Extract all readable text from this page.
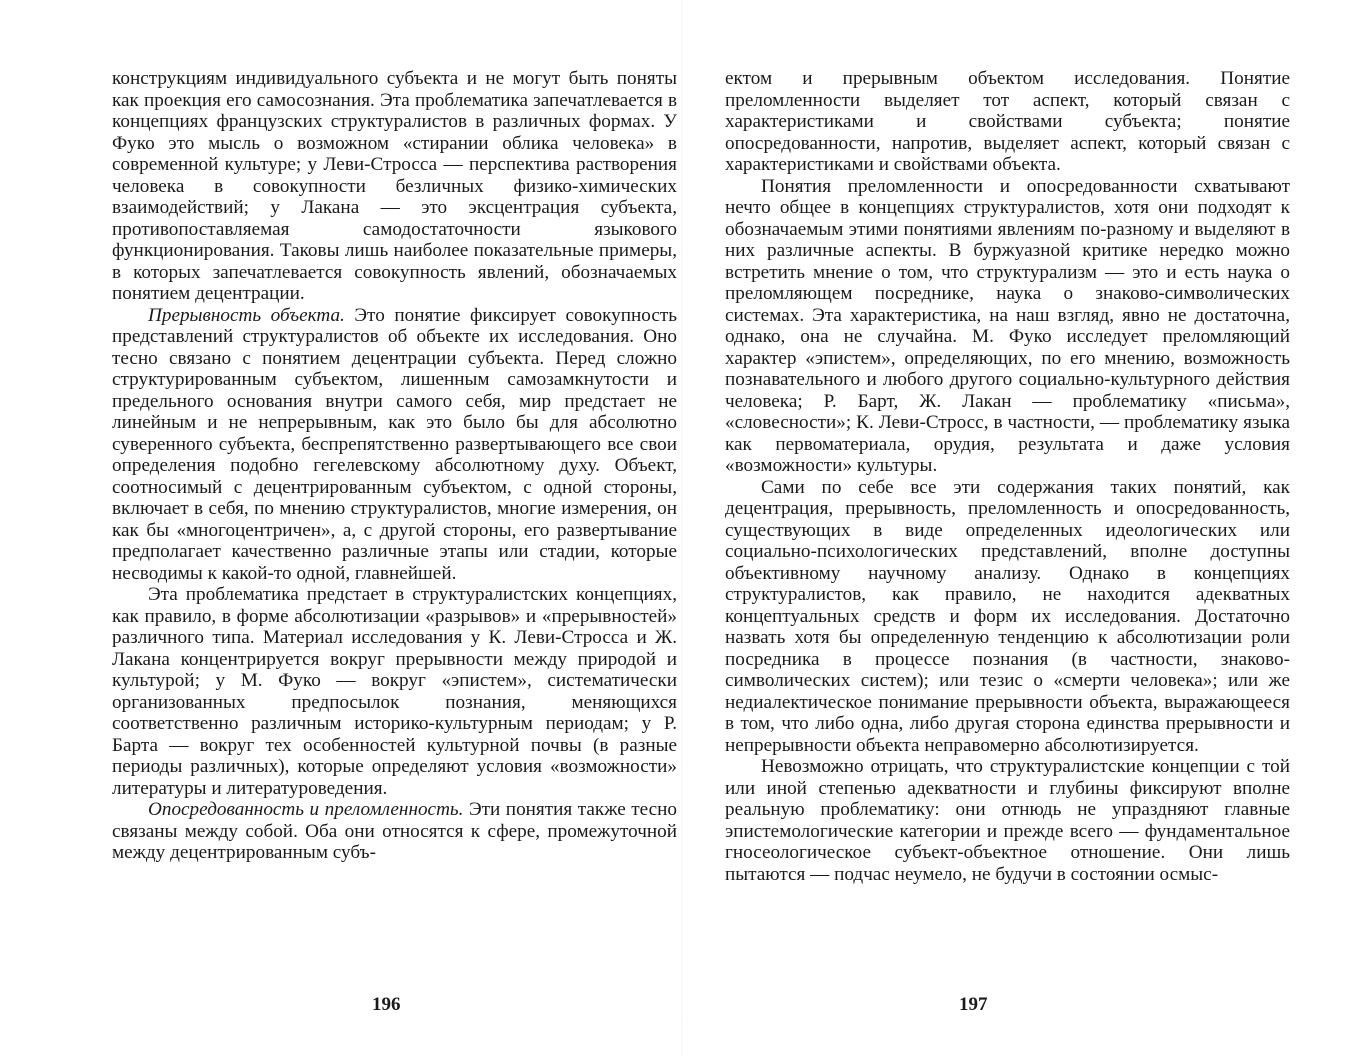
конструкциям индивидуального субъекта и не могут быть поняты как проекция его самосознания. Эта проблематика запечатлевается в концепциях французских структуралистов в различных формах. У Фуко это мысль о возможном «стирании облика человека» в современной культуре; у Леви-Стросса — перспектива растворения человека в совокупности безличных физико-химических взаимодействий; у Лакана — это эксцентрация субъекта, противопоставляемая самодостаточности языкового функционирования. Таковы лишь наиболее показательные примеры, в которых запечатлевается совокупность явлений, обозначаемых понятием децентрации.

Прерывность объекта. Это понятие фиксирует совокупность представлений структуралистов об объекте их исследования. Оно тесно связано с понятием децентрации субъекта. Перед сложно структурированным субъектом, лишенным самозамкнутости и предельного основания внутри самого себя, мир предстает не линейным и не непрерывным, как это было бы для абсолютно суверенного субъекта, беспрепятственно развертывающего все свои определения подобно гегелевскому абсолютному духу. Объект, соотносимый с децентрированным субъектом, с одной стороны, включает в себя, по мнению структуралистов, многие измерения, он как бы «многоцентричен», а, с другой стороны, его развертывание предполагает качественно различные этапы или стадии, которые несводимы к какой-то одной, главнейшей.

Эта проблематика предстает в структуралистских концепциях, как правило, в форме абсолютизации «разрывов» и «прерывностей» различного типа. Материал исследования у К. Леви-Стросса и Ж. Лакана концентрируется вокруг прерывности между природой и культурой; у М. Фуко — вокруг «эпистем», систематически организованных предпосылок познания, меняющихся соответственно различным историко-культурным периодам; у Р. Барта — вокруг тех особенностей культурной почвы (в разные периоды различных), которые определяют условия «возможности» литературы и литературоведения.

Опосредованность и преломленность. Эти понятия также тесно связаны между собой. Оба они относятся к сфере, промежуточной между децентрированным субъ-

196

ектом и прерывным объектом исследования. Понятие преломленности выделяет тот аспект, который связан с характеристиками и свойствами субъекта; понятие опосредованности, напротив, выделяет аспект, который связан с характеристиками и свойствами объекта.

Понятия преломленности и опосредованности схватывают нечто общее в концепциях структуралистов, хотя они подходят к обозначаемым этими понятиями явлениям по-разному и выделяют в них различные аспекты. В буржуазной критике нередко можно встретить мнение о том, что структурализм — это и есть наука о преломляющем посреднике, наука о знаково-символических системах. Эта характеристика, на наш взгляд, явно не достаточна, однако, она не случайна. М. Фуко исследует преломляющий характер «эпистем», определяющих, по его мнению, возможность познавательного и любого другого социально-культурного действия человека; Р. Барт, Ж. Лакан — проблематику «письма», «словесности»; К. Леви-Стросс, в частности, — проблематику языка как первоматериала, орудия, результата и даже условия «возможности» культуры.

Сами по себе все эти содержания таких понятий, как децентрация, прерывность, преломленность и опосредованность, существующих в виде определенных идеологических или социально-психологических представлений, вполне доступны объективному научному анализу. Однако в концепциях структуралистов, как правило, не находится адекватных концептуальных средств и форм их исследования. Достаточно назвать хотя бы определенную тенденцию к абсолютизации роли посредника в процессе познания (в частности, знаково-символических систем); или тезис о «смерти человека»; или же недиалектическое понимание прерывности объекта, выражающееся в том, что либо одна, либо другая сторона единства прерывности и непрерывности объекта неправомерно абсолютизируется.

Невозможно отрицать, что структуралистские концепции с той или иной степенью адекватности и глубины фиксируют вполне реальную проблематику: они отнюдь не упраздняют главные эпистемологические категории и прежде всего — фундаментальное гносеологическое субъект-объектное отношение. Они лишь пытаются — подчас неумело, не будучи в состоянии осмыс-

197
